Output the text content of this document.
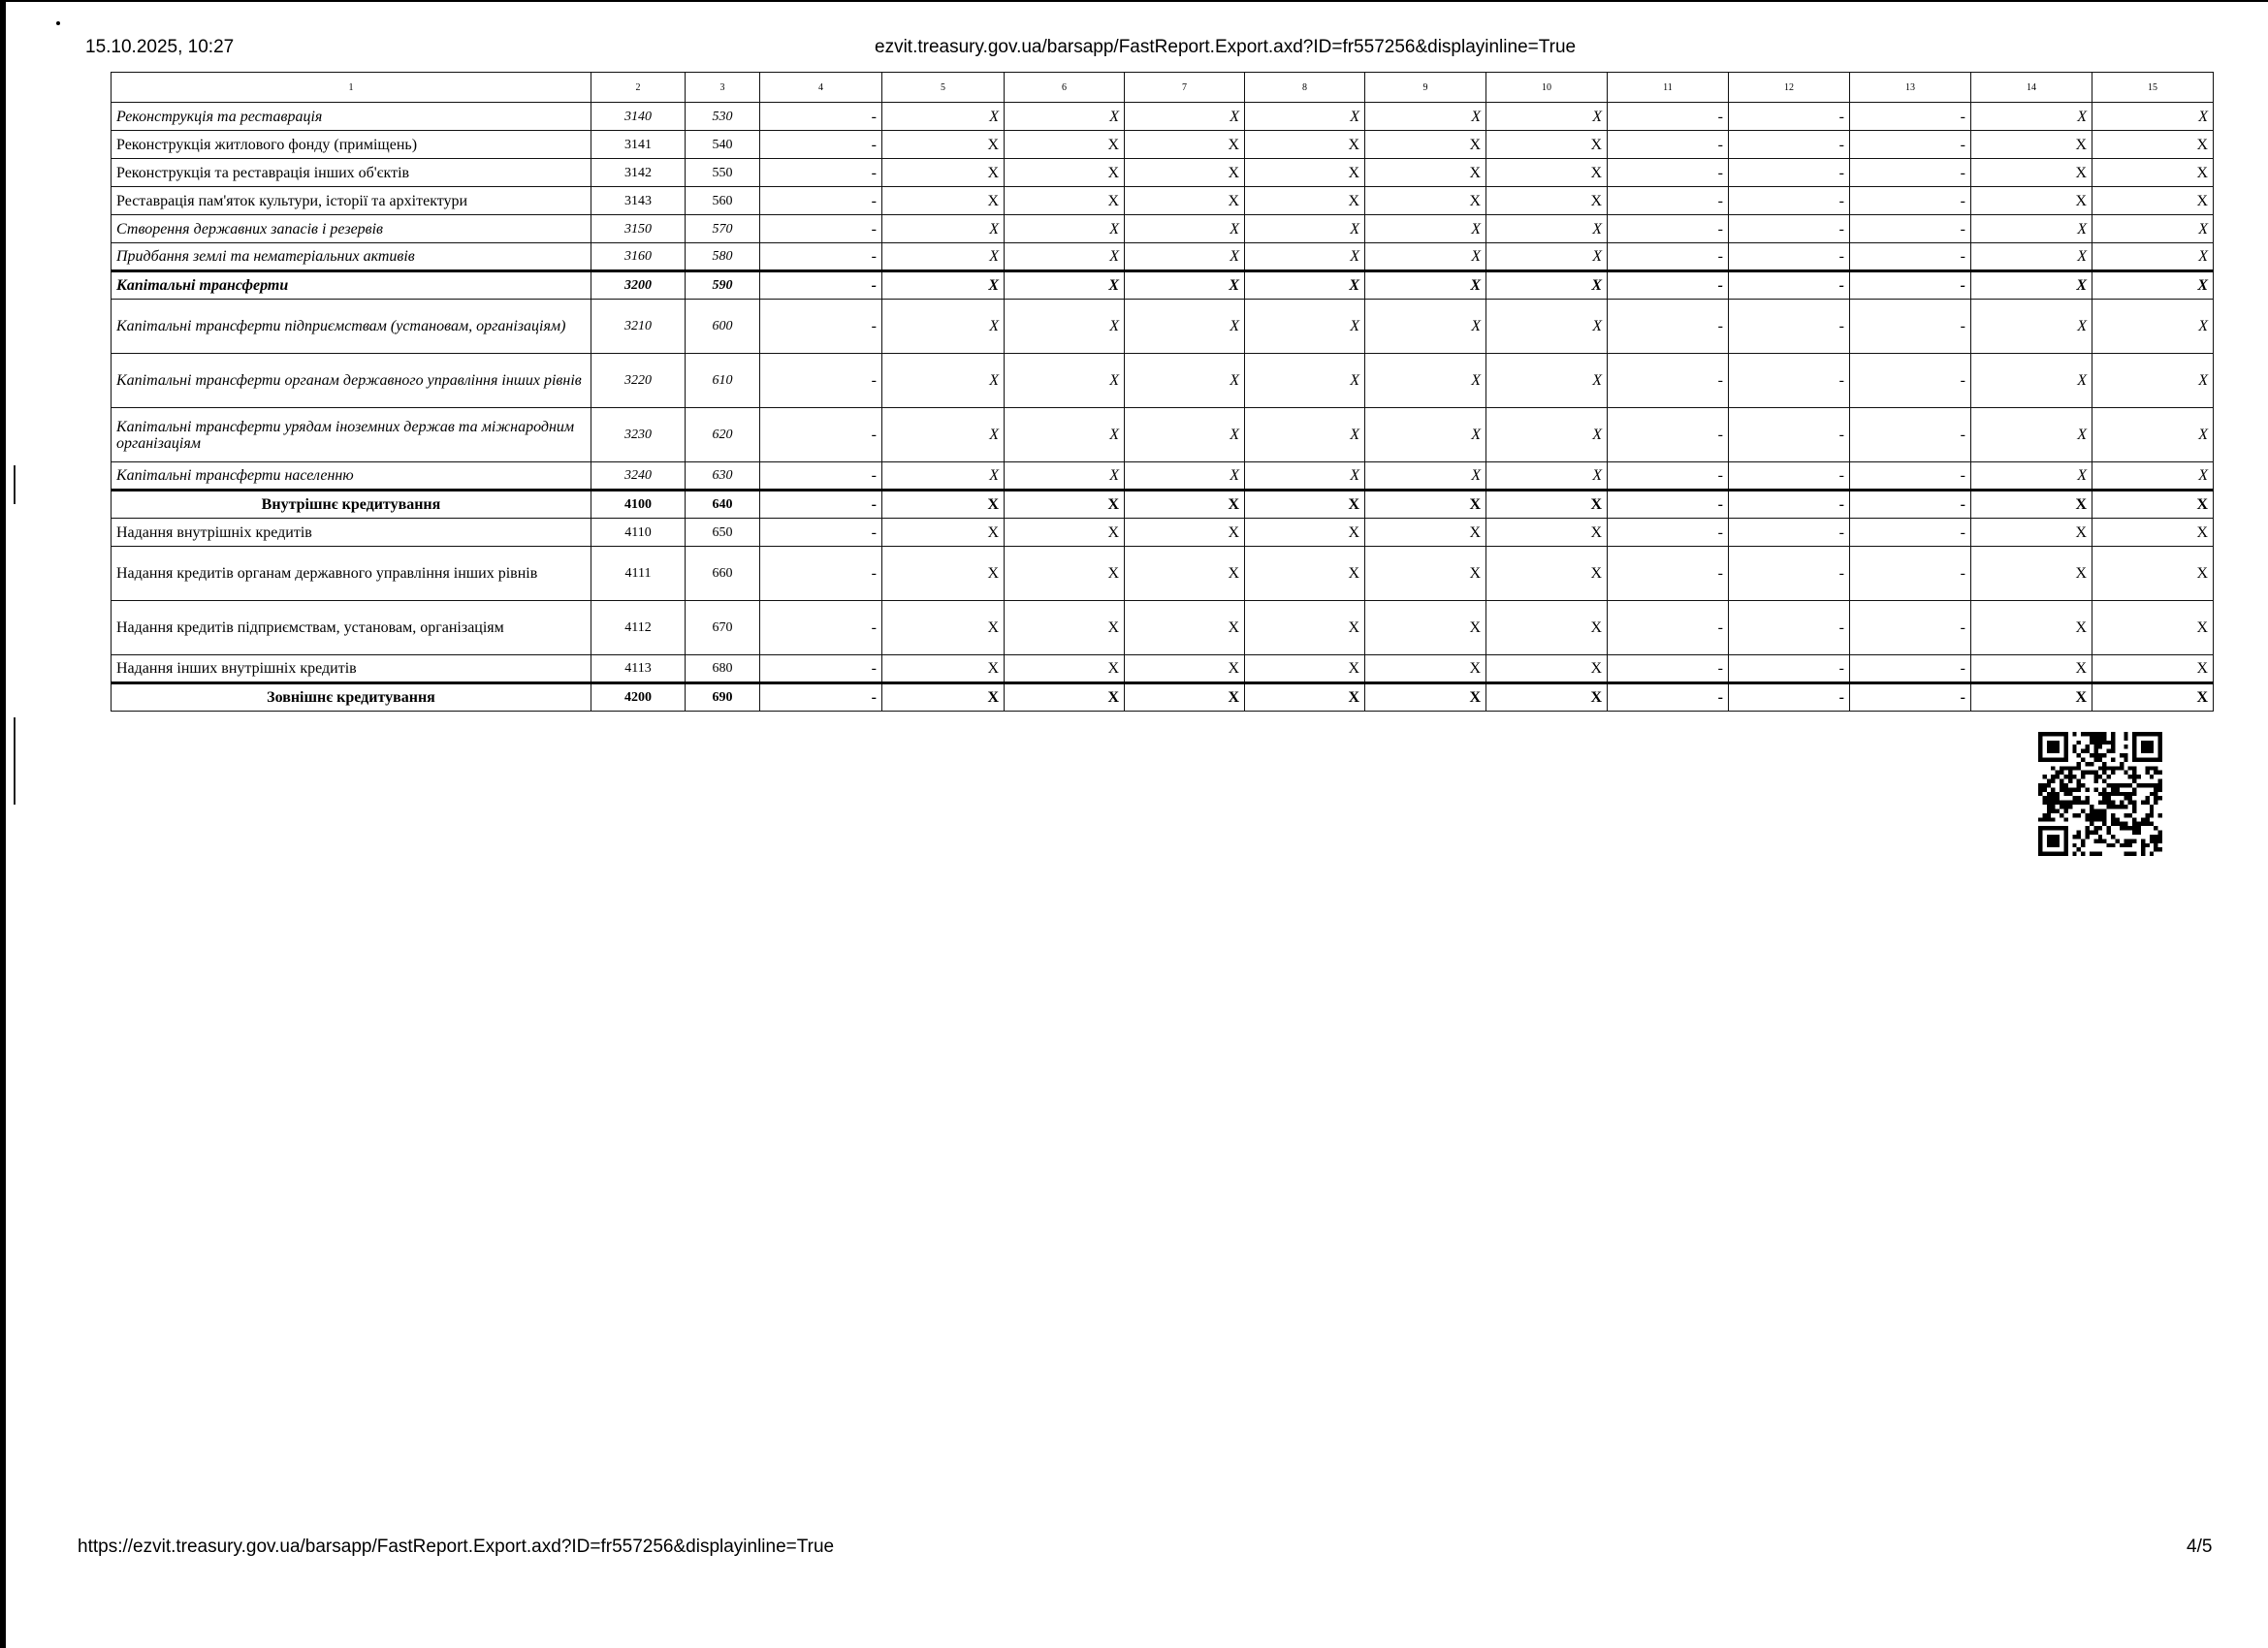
15.10.2025, 10:27	ezvit.treasury.gov.ua/barsapp/FastReport.Export.axd?ID=fr557256&displayinline=True
1	2	3	4	5	6	7	8	9	10	11	12	13	14	15
Реконструкція та реставрація	3140	530	-	X	X	X	X	X	X	-	-	-	X	X
Реконструкція житлового фонду (приміщень)	3141	540	-	X	X	X	X	X	X	-	-	-	X	X
Реконструкція та реставрація інших об'єктів	3142	550	-	X	X	X	X	X	X	-	-	-	X	X
Реставрація пам'яток культури, історії та архітектури	3143	560	-	X	X	X	X	X	X	-	-	-	X	X
Створення державних запасів і резервів	3150	570	-	X	X	X	X	X	X	-	-	-	X	X
Придбання землі та нематеріальних активів	3160	580	-	X	X	X	X	X	X	-	-	-	X	X
Капітальні трансферти	3200	590	-	X	X	X	X	X	X	-	-	-	X	X
Капітальні трансферти підприємствам (установам, організаціям)	3210	600	-	X	X	X	X	X	X	-	-	-	X	X
Капітальні трансферти органам державного управління інших рівнів	3220	610	-	X	X	X	X	X	X	-	-	-	X	X
Капітальні трансферти урядам іноземних держав та міжнародним організаціям	3230	620	-	X	X	X	X	X	X	-	-	-	X	X
Капітальні трансферти населенню	3240	630	-	X	X	X	X	X	X	-	-	-	X	X
Внутрішнє кредитування	4100	640	-	X	X	X	X	X	X	-	-	-	X	X
Надання внутрішніх кредитів	4110	650	-	X	X	X	X	X	X	-	-	-	X	X
Надання кредитів органам державного управління інших рівнів	4111	660	-	X	X	X	X	X	X	-	-	-	X	X
Надання кредитів підприємствам, установам, організаціям	4112	670	-	X	X	X	X	X	X	-	-	-	X	X
Надання інших внутрішніх кредитів	4113	680	-	X	X	X	X	X	X	-	-	-	X	X
Зовнішнє кредитування	4200	690	-	X	X	X	X	X	X	-	-	-	X	X
https://ezvit.treasury.gov.ua/barsapp/FastReport.Export.axd?ID=fr557256&displayinline=True	4/5
